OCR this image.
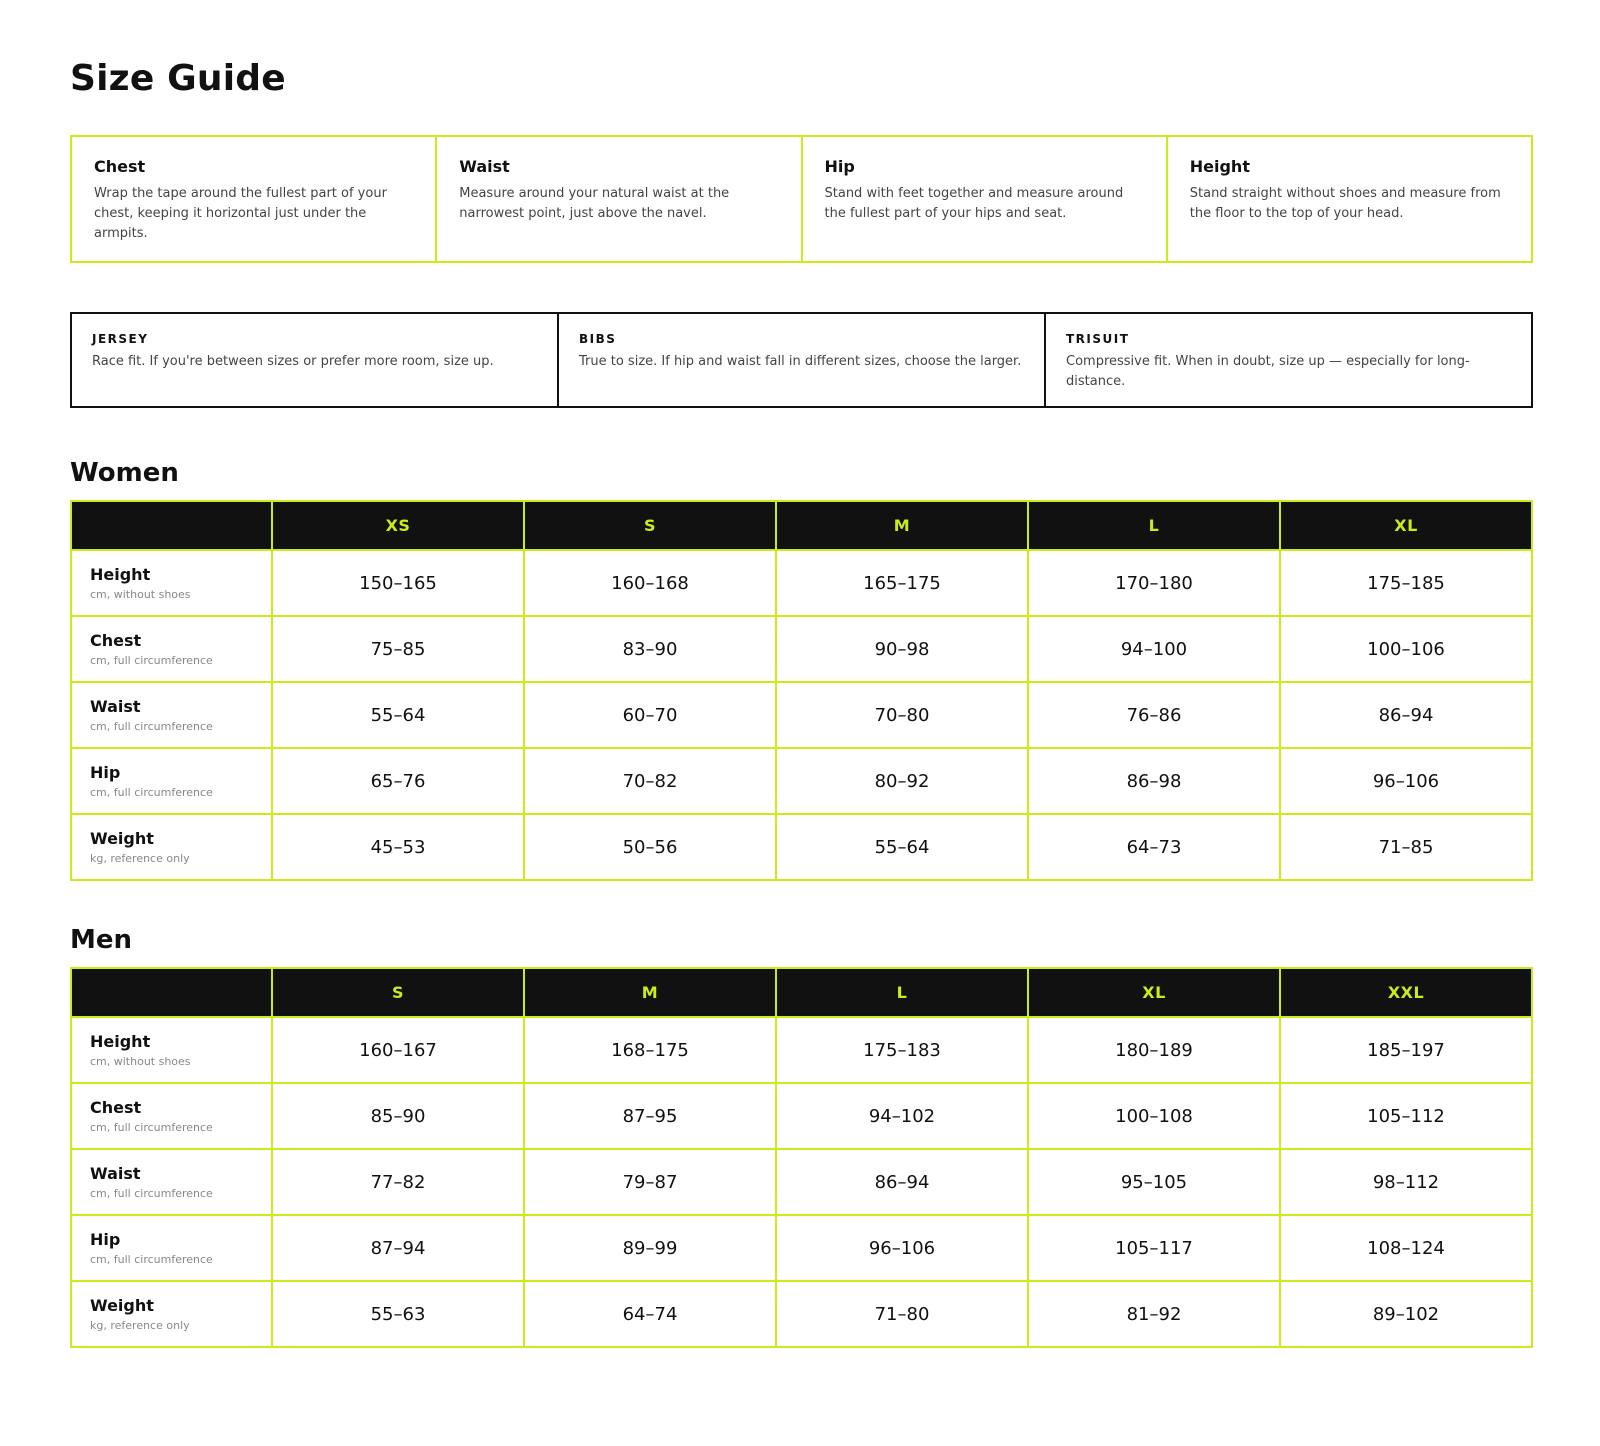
Size Guide
Chest
Wrap the tape around the fullest part of your chest, keeping it horizontal just under the armpits.
Waist
Measure around your natural waist at the narrowest point, just above the navel.
Hip
Stand with feet together and measure around the fullest part of your hips and seat.
Height
Stand straight without shoes and measure from the floor to the top of your head.
JERSEY
Race fit. If you're between sizes or prefer more room, size up.
BIBS
True to size. If hip and waist fall in different sizes, choose the larger.
TRISUIT
Compressive fit. When in doubt, size up — especially for long-distance.
Women
	XS	S	M	L	XL

Height
cm, without shoes	150–165	160–168	165–175	170–180	175–185

Chest
cm, full circumference	75–85	83–90	90–98	94–100	100–106

Waist
cm, full circumference	55–64	60–70	70–80	76–86	86–94

Hip
cm, full circumference	65–76	70–82	80–92	86–98	96–106

Weight
kg, reference only	45–53	50–56	55–64	64–73	71–85
Men
	S	M	L	XL	XXL

Height
cm, without shoes	160–167	168–175	175–183	180–189	185–197

Chest
cm, full circumference	85–90	87–95	94–102	100–108	105–112

Waist
cm, full circumference	77–82	79–87	86–94	95–105	98–112

Hip
cm, full circumference	87–94	89–99	96–106	105–117	108–124

Weight
kg, reference only	55–63	64–74	71–80	81–92	89–102
